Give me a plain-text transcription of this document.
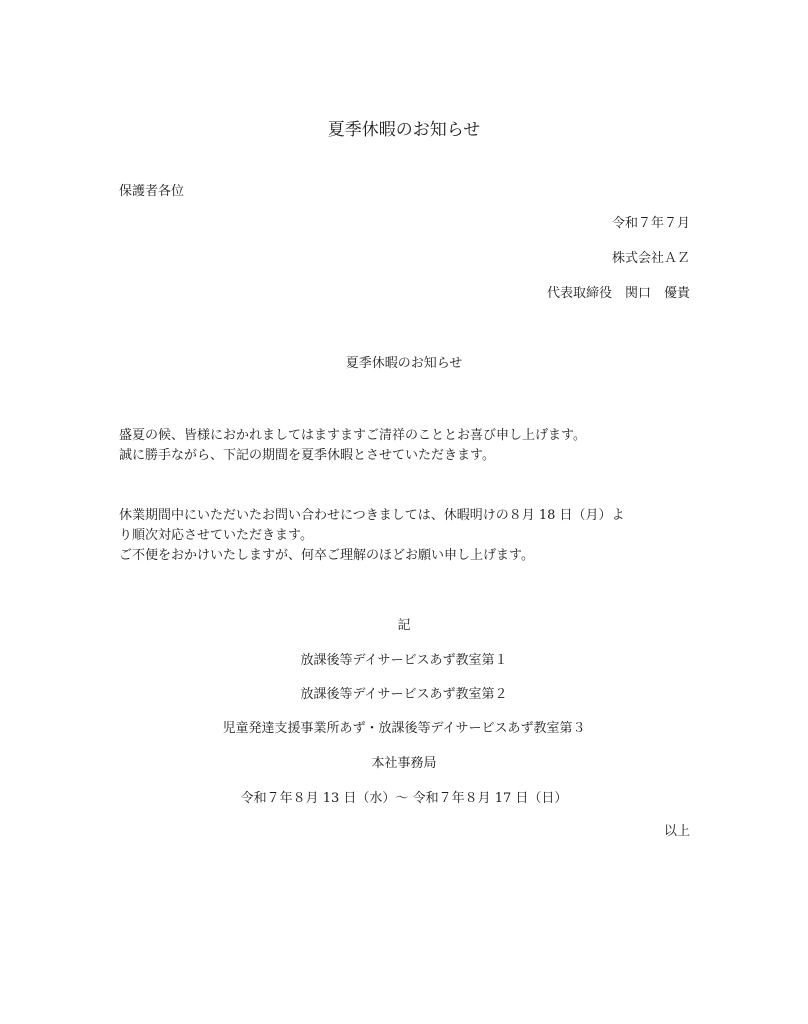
夏季休暇のお知らせ
保護者各位
令和７年７月
株式会社ＡＺ
代表取締役　関口　優貴
夏季休暇のお知らせ
盛夏の候、皆様におかれましてはますますご清祥のこととお喜び申し上げます。
誠に勝手ながら、下記の期間を夏季休暇とさせていただきます。
休業期間中にいただいたお問い合わせにつきましては、休暇明けの８月 18 日（月）よ
り順次対応させていただきます。
ご不便をおかけいたしますが、何卒ご理解のほどお願い申し上げます。
記
放課後等デイサービスあず教室第１
放課後等デイサービスあず教室第２
児童発達支援事業所あず・放課後等デイサービスあず教室第３
本社事務局
令和７年８月 13 日（水）～ 令和７年８月 17 日（日）
以上
